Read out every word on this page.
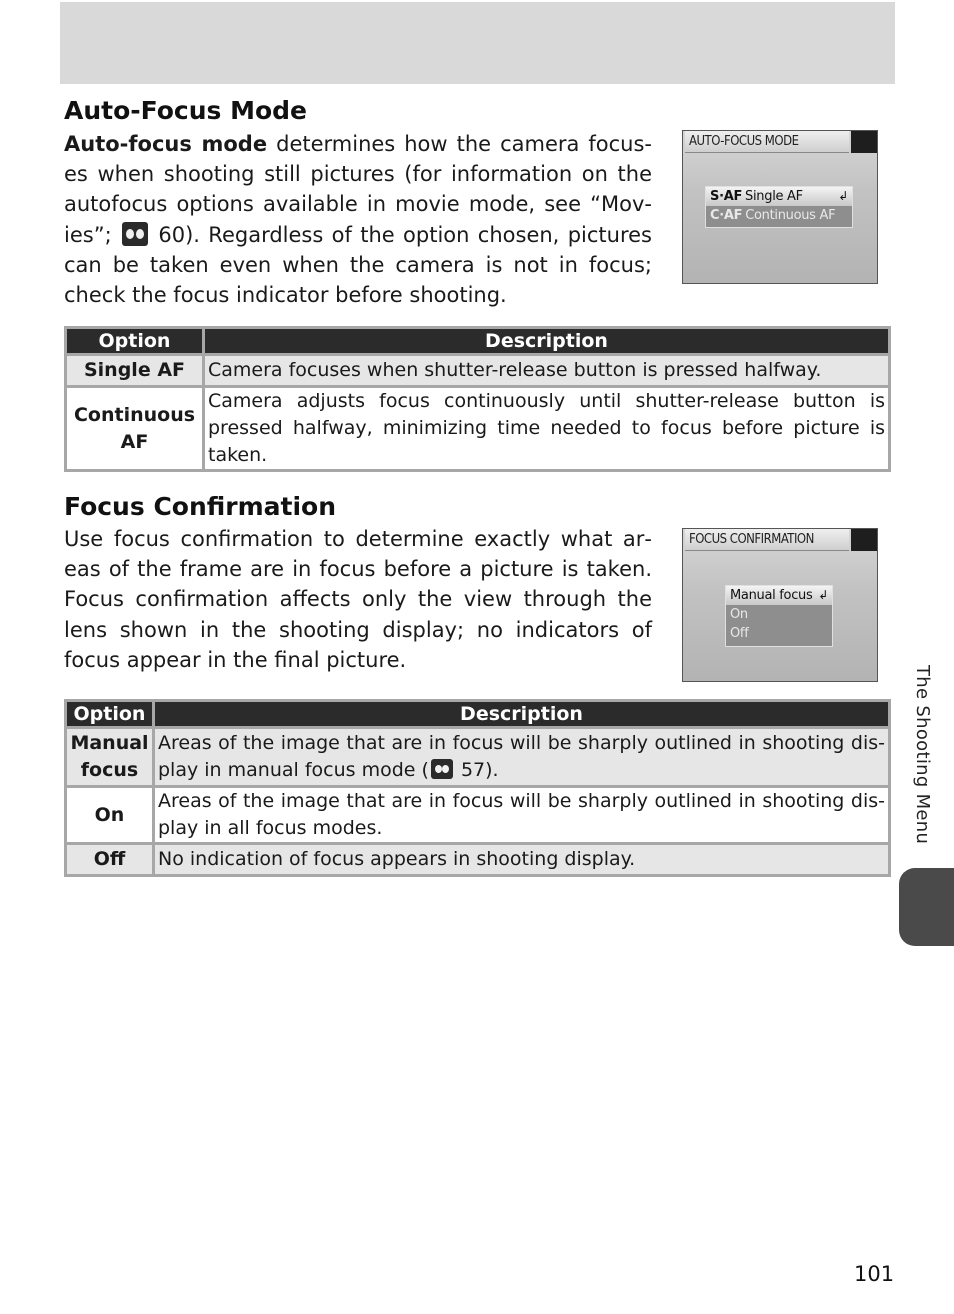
Auto-Focus Mode

Auto-focus mode determines how the camera focuses when shooting still pictures (for information on the autofocus options available in movie mode, see “Movies”;  60). Regardless of the option chosen, pictures can be taken even when the camera is not in focus; check the focus indicator before shooting.

AUTO-FOCUS MODE
S·AF Single AF	↲
C·AF Continuous AF
Option	Description
Single AF	Camera focuses when shutter-release button is pressed halfway.
Continuous AF	Camera adjusts focus continuously until shutter-release button is pressed halfway, minimizing time needed to focus before picture is taken.
Focus Confirmation

Use focus confirmation to determine exactly what areas of the frame are in focus before a picture is taken. Focus confirmation affects only the view through the lens shown in the shooting display; no indicators of focus appear in the final picture.

FOCUS CONFIRMATION
Manual focus ↲
On
Off
Option	Description
Manual focus	Areas of the image that are in focus will be sharply outlined in shooting display in manual focus mode ( 57).
On	Areas of the image that are in focus will be sharply outlined in shooting display in all focus modes.
Off	No indication of focus appears in shooting display.
The Shooting Menu
101
